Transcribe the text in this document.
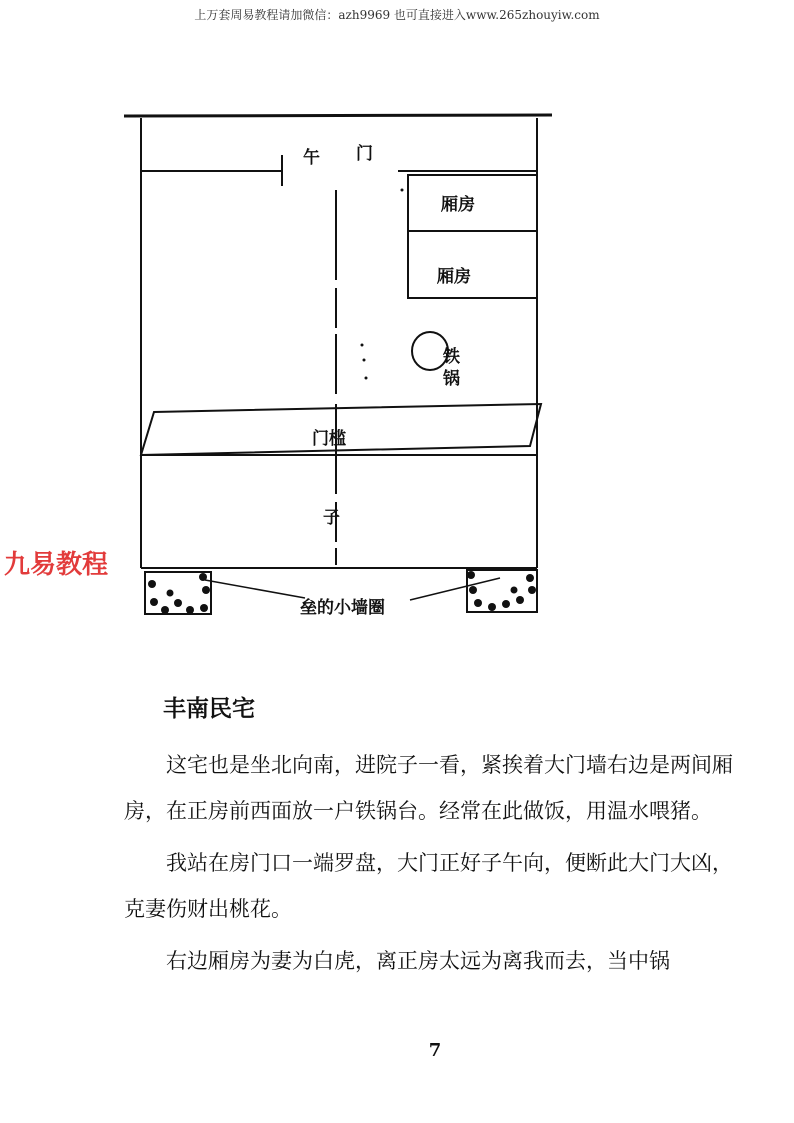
上万套周易教程请加微信：azh9969 也可直接进入www.265zhouyiw.com
午 门
厢房
厢房
铁
锅
门槛
子
垒的小墙圈
九易教程
丰南民宅

这宅也是坐北向南，进院子一看，紧挨着大门墙右边是两间厢房，在正房前西面放一户铁锅台。经常在此做饭，用温水喂猪。

我站在房门口一端罗盘，大门正好子午向，便断此大门大凶，克妻伤财出桃花。

右边厢房为妻为白虎，离正房太远为离我而去，当中锅

7
